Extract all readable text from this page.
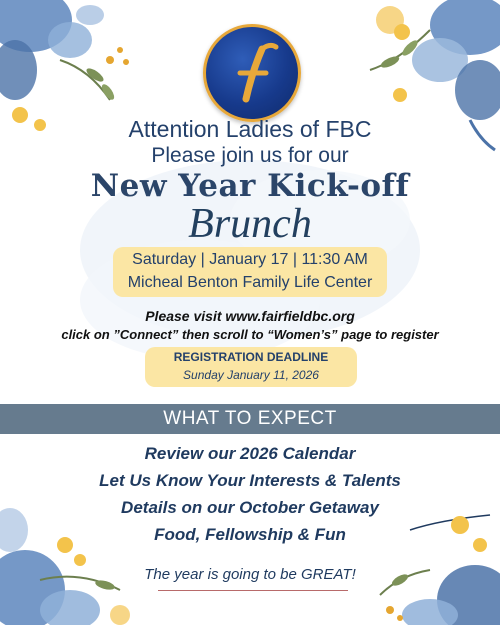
Attention Ladies of FBC
Please join us for our
New Year Kick-off
Brunch
Saturday | January 17 | 11:30 AM
Micheal Benton Family Life Center
Please visit www.fairfieldbc.org
click on ”Connect” then scroll to “Women’s” page to register
REGISTRATION DEADLINE
Sunday January 11, 2026
WHAT TO EXPECT
Review our 2026 Calendar
Let Us Know Your Interests & Talents
Details on our October Getaway
Food, Fellowship & Fun
The year is going to be GREAT!
